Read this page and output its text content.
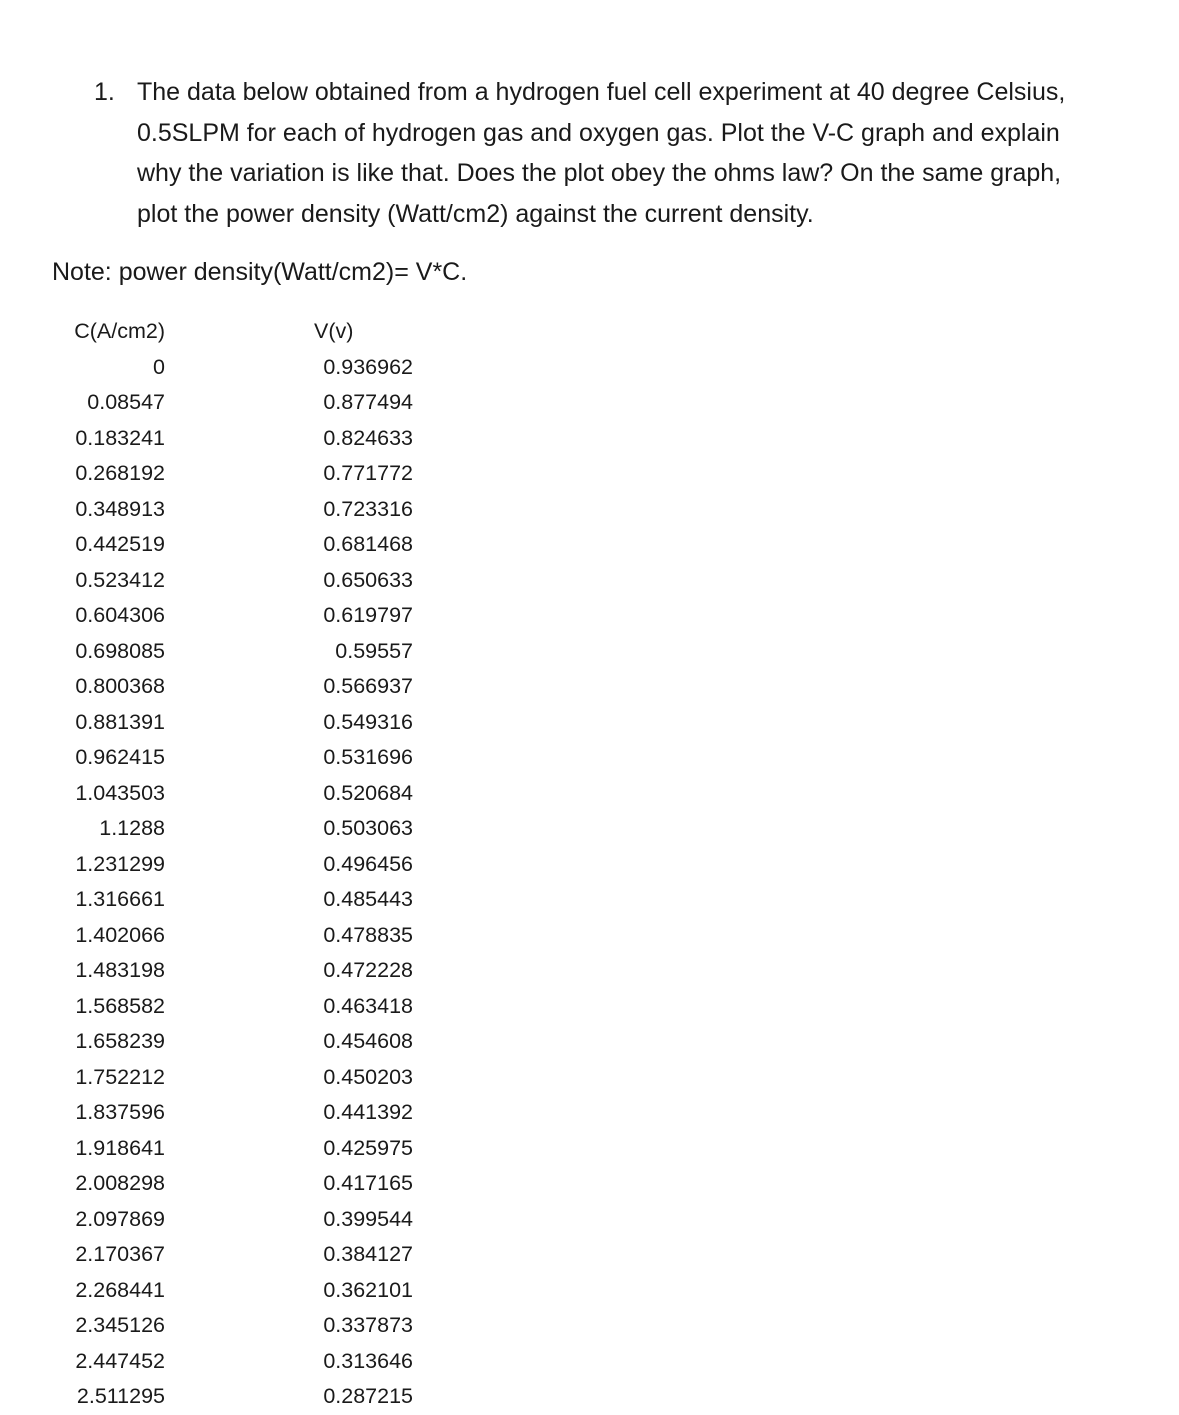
1. The data below obtained from a hydrogen fuel cell experiment at 40 degree Celsius,
0.5SLPM for each of hydrogen gas and oxygen gas. Plot the V-C graph and explain
why the variation is like that. Does the plot obey the ohms law? On the same graph,
plot the power density (Watt/cm2) against the current density.
Note: power density(Watt/cm2)= V*C.
C(A/cm2)	V(v)
0	0.936962
0.08547	0.877494
0.183241	0.824633
0.268192	0.771772
0.348913	0.723316
0.442519	0.681468
0.523412	0.650633
0.604306	0.619797
0.698085	0.59557
0.800368	0.566937
0.881391	0.549316
0.962415	0.531696
1.043503	0.520684
1.1288	0.503063
1.231299	0.496456
1.316661	0.485443
1.402066	0.478835
1.483198	0.472228
1.568582	0.463418
1.658239	0.454608
1.752212	0.450203
1.837596	0.441392
1.918641	0.425975
2.008298	0.417165
2.097869	0.399544
2.170367	0.384127
2.268441	0.362101
2.345126	0.337873
2.447452	0.313646
2.511295	0.287215
